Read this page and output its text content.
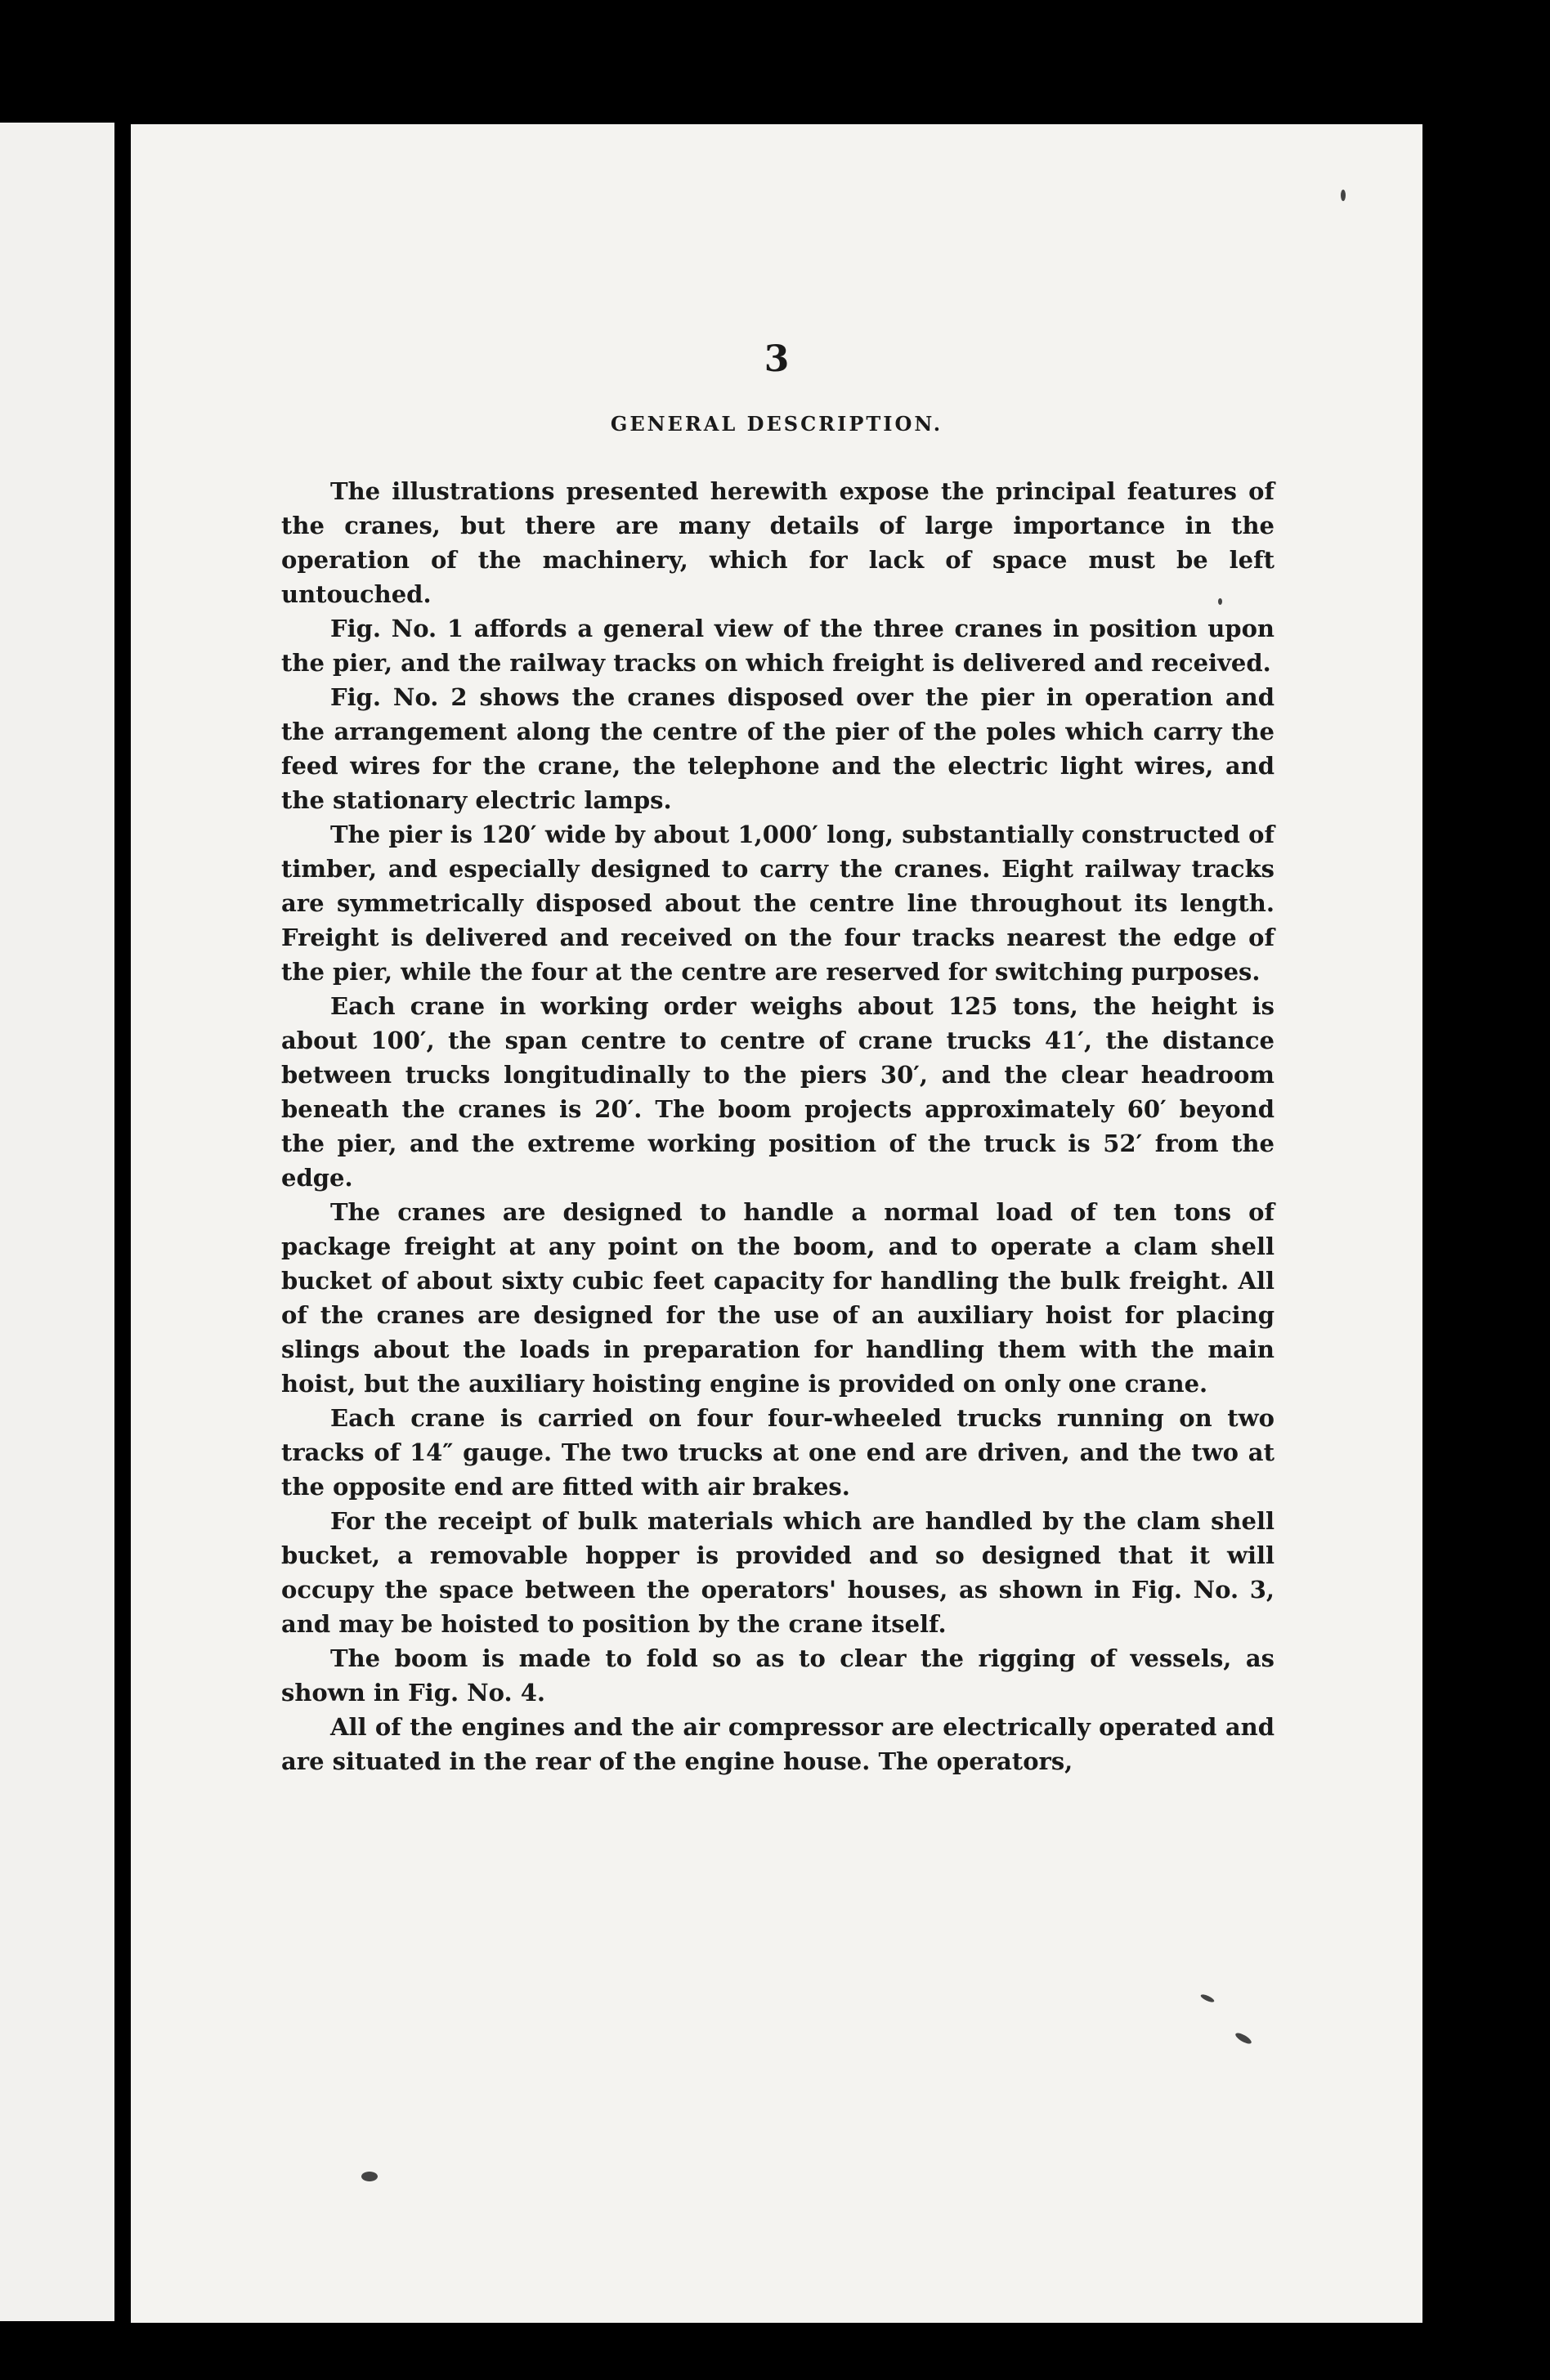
3

GENERAL DESCRIPTION.

The illustrations presented herewith expose the principal features of the cranes, but there are many details of large importance in the operation of the machinery, which for lack of space must be left untouched.

Fig. No. 1 affords a general view of the three cranes in position upon the pier, and the railway tracks on which freight is delivered and received.

Fig. No. 2 shows the cranes disposed over the pier in operation and the arrangement along the centre of the pier of the poles which carry the feed wires for the crane, the telephone and the electric light wires, and the stationary electric lamps.

The pier is 120′ wide by about 1,000′ long, substantially constructed of timber, and especially designed to carry the cranes. Eight railway tracks are symmetrically disposed about the centre line throughout its length. Freight is delivered and received on the four tracks nearest the edge of the pier, while the four at the centre are reserved for switching purposes.

Each crane in working order weighs about 125 tons, the height is about 100′, the span centre to centre of crane trucks 41′, the distance between trucks longitudinally to the piers 30′, and the clear headroom beneath the cranes is 20′. The boom projects approximately 60′ beyond the pier, and the extreme working position of the truck is 52′ from the edge.

The cranes are designed to handle a normal load of ten tons of package freight at any point on the boom, and to operate a clam shell bucket of about sixty cubic feet capacity for handling the bulk freight. All of the cranes are designed for the use of an auxiliary hoist for placing slings about the loads in preparation for handling them with the main hoist, but the auxiliary hoisting engine is provided on only one crane.

Each crane is carried on four four-wheeled trucks running on two tracks of 14″ gauge. The two trucks at one end are driven, and the two at the opposite end are fitted with air brakes.

For the receipt of bulk materials which are handled by the clam shell bucket, a removable hopper is provided and so designed that it will occupy the space between the operators' houses, as shown in Fig. No. 3, and may be hoisted to position by the crane itself.

The boom is made to fold so as to clear the rigging of vessels, as shown in Fig. No. 4.

All of the engines and the air compressor are electrically operated and are situated in the rear of the engine house. The operators,
